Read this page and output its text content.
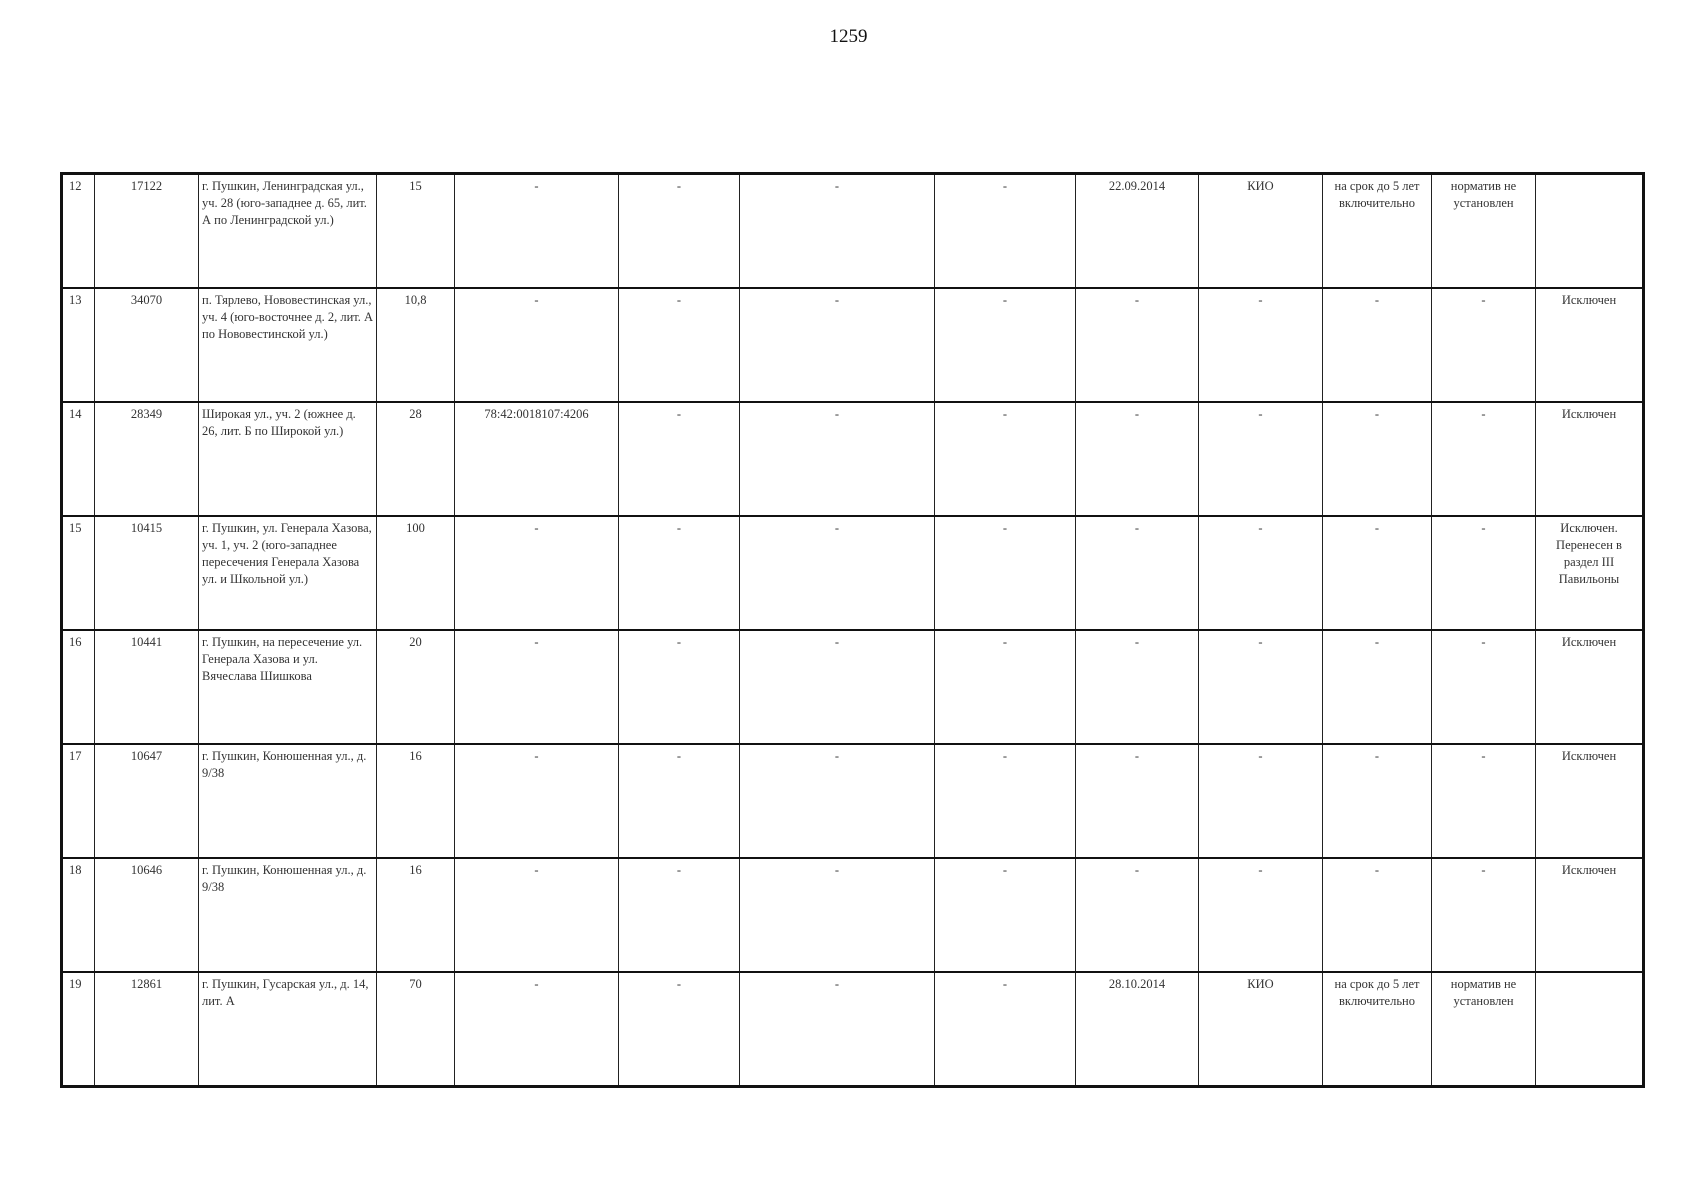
1259
12	17122	г. Пушкин, Ленинградская ул., уч. 28 (юго-западнее д. 65, лит. А по Ленинградской ул.)	15	-	-	-	-	22.09.2014	КИО	на срок до 5 лет включительно	норматив не установлен	
13	34070	п. Тярлево, Нововестинская ул., уч. 4 (юго-восточнее д. 2, лит. А по Нововестинской ул.)	10,8	-	-	-	-	-	-	-	-	Исключен
14	28349	Широкая ул., уч. 2 (южнее д. 26, лит. Б по Широкой ул.)	28	78:42:0018107:4206	-	-	-	-	-	-	-	Исключен
15	10415	г. Пушкин, ул. Генерала Хазова, уч. 1, уч. 2 (юго-западнее пересечения Генерала Хазова ул. и Школьной ул.)	100	-	-	-	-	-	-	-	-	Исключен. Перенесен в раздел III Павильоны
16	10441	г. Пушкин, на пересечение ул. Генерала Хазова и ул. Вячеслава Шишкова	20	-	-	-	-	-	-	-	-	Исключен
17	10647	г. Пушкин, Конюшенная ул., д. 9/38	16	-	-	-	-	-	-	-	-	Исключен
18	10646	г. Пушкин, Конюшенная ул., д. 9/38	16	-	-	-	-	-	-	-	-	Исключен
19	12861	г. Пушкин, Гусарская ул., д. 14, лит. А	70	-	-	-	-	28.10.2014	КИО	на срок до 5 лет включительно	норматив не установлен	
